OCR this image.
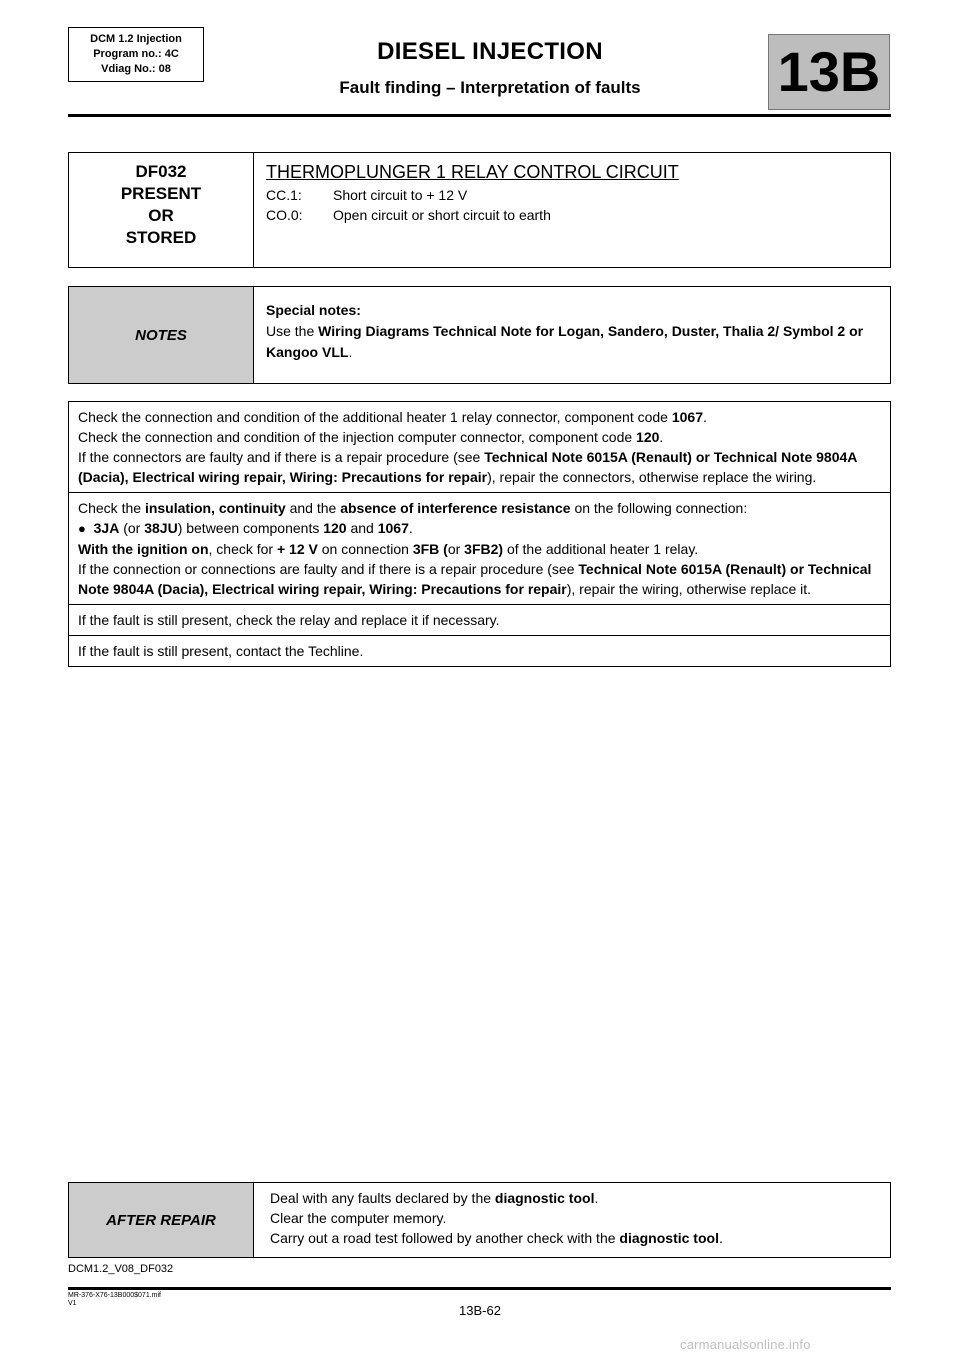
DCM 1.2 Injection
Program no.: 4C
Vdiag No.: 08
DIESEL INJECTION
Fault finding – Interpretation of faults	13B
DF032
PRESENT
OR
STORED

THERMOPLUNGER 1 RELAY CONTROL CIRCUIT
CC.1: Short circuit to + 12 V
CO.0: Open circuit or short circuit to earth
NOTES	
Special notes:
Use the Wiring Diagrams Technical Note for Logan, Sandero, Duster, Thalia 2/ Symbol 2 or Kangoo VLL.
Check the connection and condition of the additional heater 1 relay connector, component code 1067.
Check the connection and condition of the injection computer connector, component code 120.
If the connectors are faulty and if there is a repair procedure (see Technical Note 6015A (Renault) or Technical Note 9804A (Dacia), Electrical wiring repair, Wiring: Precautions for repair), repair the connectors, otherwise replace the wiring.

Check the insulation, continuity and the absence of interference resistance on the following connection:
● 3JA (or 38JU) between components 120 and 1067.
With the ignition on, check for + 12 V on connection 3FB (or 3FB2) of the additional heater 1 relay.
If the connection or connections are faulty and if there is a repair procedure (see Technical Note 6015A (Renault) or Technical Note 9804A (Dacia), Electrical wiring repair, Wiring: Precautions for repair), repair the wiring, otherwise replace it.

If the fault is still present, check the relay and replace it if necessary.
If the fault is still present, contact the Techline.
AFTER REPAIR	
Deal with any faults declared by the diagnostic tool.
Clear the computer memory.
Carry out a road test followed by another check with the diagnostic tool.
DCM1.2_V08_DF032
MR-376-X76-13B000$071.mif
V1	13B-62
carmanualsonline.info
